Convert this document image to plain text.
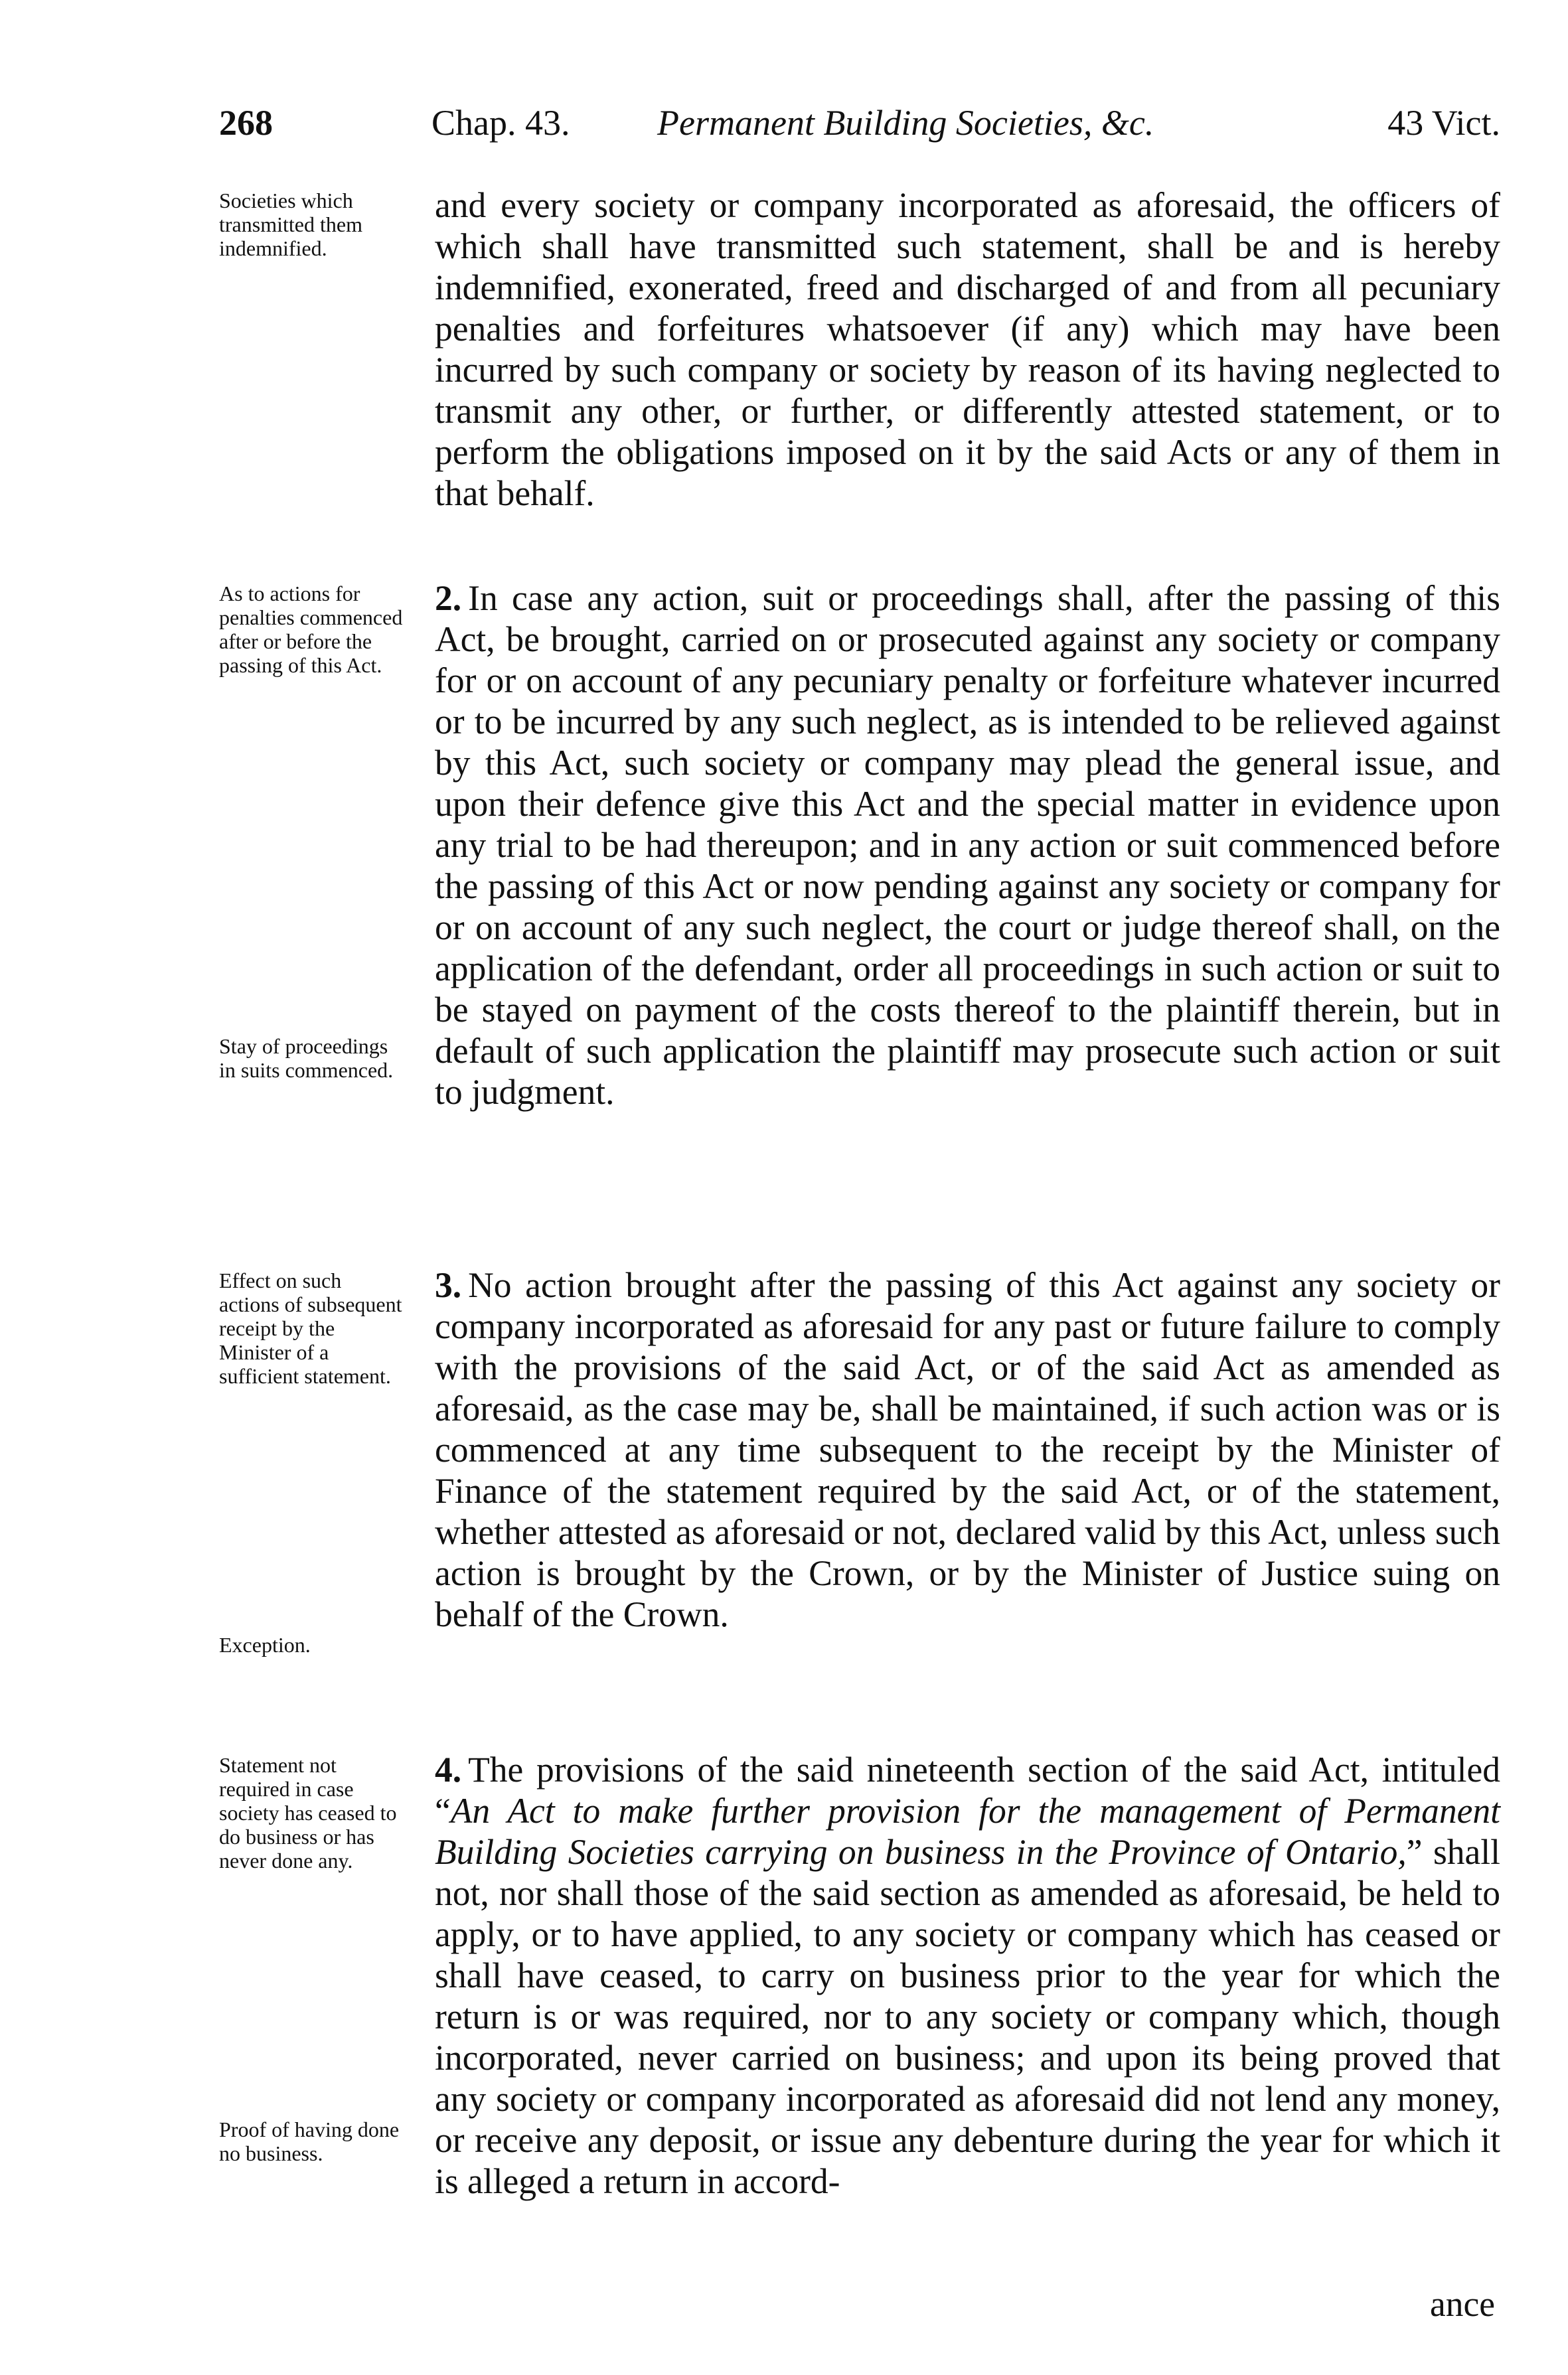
268	Chap. 43. Permanent Building Societies, &c.	43 Vict.
Societies which transmitted them indemnified.

and every society or company incorporated as aforesaid, the officers of which shall have transmitted such statement, shall be and is hereby indemnified, exonerated, freed and discharged of and from all pecuniary penalties and forfeitures whatsoever (if any) which may have been incurred by such company or society by reason of its having neglected to transmit any other, or further, or differently attested statement, or to perform the obligations imposed on it by the said Acts or any of them in that behalf.

As to actions for penalties commenced after or before the passing of this Act.
Stay of proceedings in suits commenced.

2. In case any action, suit or proceedings shall, after the passing of this Act, be brought, carried on or prosecuted against any society or company for or on account of any pecuniary penalty or forfeiture whatever incurred or to be incurred by any such neglect, as is intended to be relieved against by this Act, such society or company may plead the general issue, and upon their defence give this Act and the special matter in evidence upon any trial to be had thereupon; and in any action or suit commenced before the passing of this Act or now pending against any society or company for or on account of any such neglect, the court or judge thereof shall, on the application of the defendant, order all proceedings in such action or suit to be stayed on payment of the costs thereof to the plaintiff therein, but in default of such application the plaintiff may prosecute such action or suit to judgment.

Effect on such actions of subsequent receipt by the Minister of a sufficient statement.
Exception.

3. No action brought after the passing of this Act against any society or company incorporated as aforesaid for any past or future failure to comply with the provisions of the said Act, or of the said Act as amended as aforesaid, as the case may be, shall be maintained, if such action was or is commenced at any time subsequent to the receipt by the Minister of Finance of the statement required by the said Act, or of the statement, whether attested as aforesaid or not, declared valid by this Act, unless such action is brought by the Crown, or by the Minister of Justice suing on behalf of the Crown.

Statement not required in case society has ceased to do business or has never done any.
Proof of having done no business.

4. The provisions of the said nineteenth section of the said Act, intituled “An Act to make further provision for the management of Permanent Building Societies carrying on business in the Province of Ontario,” shall not, nor shall those of the said section as amended as aforesaid, be held to apply, or to have applied, to any society or company which has ceased or shall have ceased, to carry on business prior to the year for which the return is or was required, nor to any society or company which, though incorporated, never carried on business; and upon its being proved that any society or company incorporated as aforesaid did not lend any money, or receive any deposit, or issue any debenture during the year for which it is alleged a return in accord-

ance
